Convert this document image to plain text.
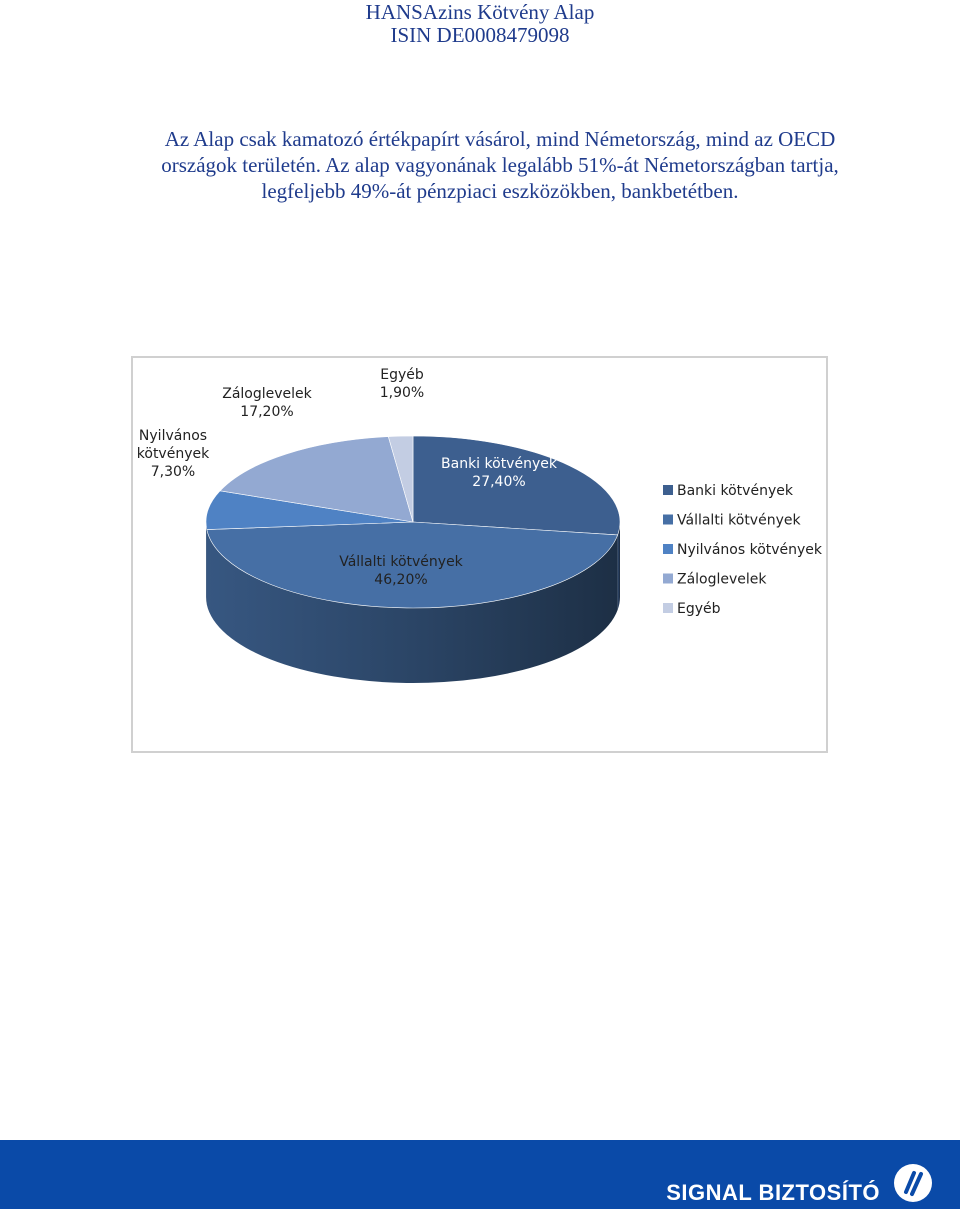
HANSAzins Kötvény Alap
ISIN DE0008479098
Az Alap csak kamatozó értékpapírt vásárol, mind Németország, mind az OECD
országok területén. Az alap vagyonának legalább 51%-át Németországban tartja,
legfeljebb 49%-át pénzpiaci eszközökben, bankbetétben.
Banki kötvények 27,40%
Vállalti kötvények 46,20%
Nyilvános kötvények 7,30%
Záloglevelek 17,20%
Egyéb 1,90%
Banki kötvények
Vállalti kötvények
Nyilvános kötvények
Záloglevelek
Egyéb
SIGNAL BIZTOSÍTÓ
